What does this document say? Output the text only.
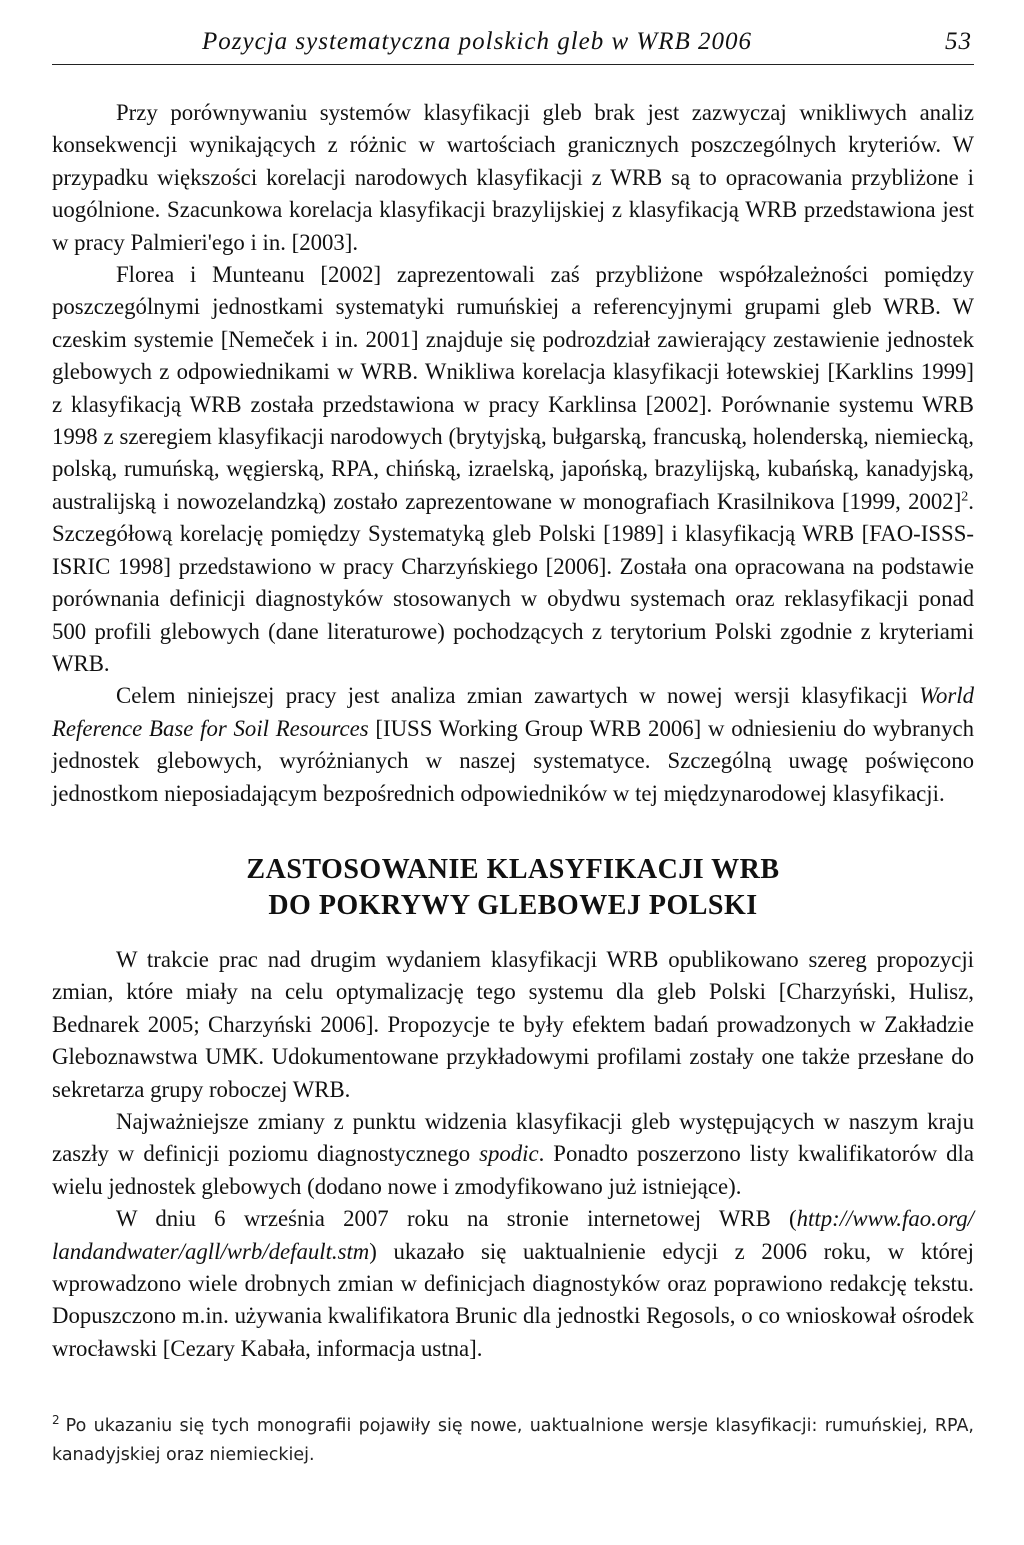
Pozycja systematyczna polskich gleb w WRB 2006	53

Przy porównywaniu systemów klasyfikacji gleb brak jest zazwyczaj wnikliwych analiz konsekwencji wynikających z różnic w wartościach granicznych poszczególnych kryteriów. W przypadku większości korelacji narodowych klasyfikacji z WRB są to opracowania przybliżone i uogólnione. Szacunkowa korelacja klasyfikacji brazylijskiej z klasyfikacją WRB przedstawiona jest w pracy Palmieri'ego i in. [2003].

Florea i Munteanu [2002] zaprezentowali zaś przybliżone współzależności pomiędzy poszczególnymi jednostkami systematyki rumuńskiej a referencyjnymi grupami gleb WRB. W czeskim systemie [Nemeček i in. 2001] znajduje się podrozdział zawierający zestawienie jednostek glebowych z odpowiednikami w WRB. Wnikliwa korelacja klasyfikacji łotewskiej [Karklins 1999] z klasyfikacją WRB została przedstawiona w pracy Karklinsa [2002]. Porównanie systemu WRB 1998 z szeregiem klasyfikacji narodowych (brytyjską, bułgarską, francuską, holenderską, niemiecką, polską, rumuńską, węgierską, RPA, chińską, izraelską, japońską, brazylijską, kubańską, kanadyjską, australijską i nowozelandzką) zostało zaprezentowane w monografiach Krasilnikova [1999, 2002]$^2$. Szczegółową korelację pomiędzy Systematyką gleb Polski [1989] i klasyfikacją WRB [FAO-ISSS-ISRIC 1998] przedstawiono w pracy Charzyńskiego [2006]. Została ona opracowana na podstawie porównania definicji diagnostyków stosowanych w obydwu systemach oraz reklasyfikacji ponad 500 profili glebowych (dane literaturowe) pochodzących z terytorium Polski zgodnie z kryteriami WRB.

Celem niniejszej pracy jest analiza zmian zawartych w nowej wersji klasyfikacji World Reference Base for Soil Resources [IUSS Working Group WRB 2006] w odniesieniu do wybranych jednostek glebowych, wyróżnianych w naszej systematyce. Szczególną uwagę poświęcono jednostkom nieposiadającym bezpośrednich odpowiedników w tej międzynarodowej klasyfikacji.

ZASTOSOWANIE KLASYFIKACJI WRB
DO POKRYWY GLEBOWEJ POLSKI

W trakcie prac nad drugim wydaniem klasyfikacji WRB opublikowano szereg propozycji zmian, które miały na celu optymalizację tego systemu dla gleb Polski [Charzyński, Hulisz, Bednarek 2005; Charzyński 2006]. Propozycje te były efektem badań prowadzonych w Zakładzie Gleboznawstwa UMK. Udokumentowane przykładowymi profilami zostały one także przesłane do sekretarza grupy roboczej WRB.

Najważniejsze zmiany z punktu widzenia klasyfikacji gleb występujących w naszym kraju zaszły w definicji poziomu diagnostycznego spodic. Ponadto poszerzono listy kwalifikatorów dla wielu jednostek glebowych (dodano nowe i zmodyfikowano już istniejące).

W dniu 6 września 2007 roku na stronie internetowej WRB (http://www.fao.org/ landandwater/agll/wrb/default.stm) ukazało się uaktualnienie edycji z 2006 roku, w której wprowadzono wiele drobnych zmian w definicjach diagnostyków oraz poprawiono redakcję tekstu. Dopuszczono m.in. używania kwalifikatora Brunic dla jednostki Regosols, o co wnioskował ośrodek wrocławski [Cezary Kabała, informacja ustna].

$^2$ Po ukazaniu się tych monografii pojawiły się nowe, uaktualnione wersje klasyfikacji: rumuńskiej, RPA, kanadyjskiej oraz niemieckiej.
